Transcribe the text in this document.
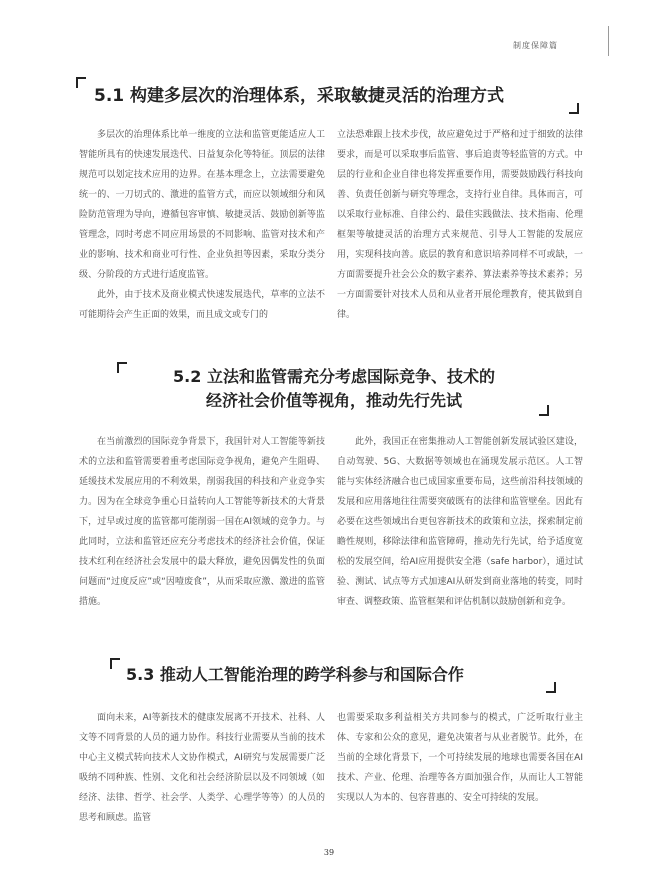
制度保障篇
5.1 构建多层次的治理体系，采取敏捷灵活的治理方式

多层次的治理体系比单一维度的立法和监管更能适应人工智能所具有的快速发展迭代、日益复杂化等特征。顶层的法律规范可以划定技术应用的边界。在基本理念上，立法需要避免统一的、一刀切式的、激进的监管方式，而应以领域细分和风险防范管理为导向，遵循包容审慎、敏捷灵活、鼓励创新等监管理念，同时考虑不同应用场景的不同影响、监管对技术和产业的影响、技术和商业可行性、企业负担等因素，采取分类分级、分阶段的方式进行适度监管。

此外，由于技术及商业模式快速发展迭代，草率的立法不可能期待会产生正面的效果，而且成文或专门的

立法恐难跟上技术步伐，故应避免过于严格和过于细致的法律要求，而是可以采取事后监管、事后追责等轻监管的方式。中层的行业和企业自律也将发挥重要作用，需要鼓励践行科技向善、负责任创新与研究等理念，支持行业自律。具体而言，可以采取行业标准、自律公约、最佳实践做法、技术指南、伦理框架等敏捷灵活的治理方式来规范、引导人工智能的发展应用，实现科技向善。底层的教育和意识培养同样不可或缺，一方面需要提升社会公众的数字素养、算法素养等技术素养；另一方面需要针对技术人员和从业者开展伦理教育，使其做到自律。

5.2 立法和监管需充分考虑国际竞争、技术的
经济社会价值等视角，推动先行先试

在当前激烈的国际竞争背景下，我国针对人工智能等新技术的立法和监管需要着重考虑国际竞争视角，避免产生阻碍、延缓技术发展应用的不利效果，削弱我国的科技和产业竞争实力。因为在全球竞争重心日益转向人工智能等新技术的大背景下，过早或过度的监管都可能削弱一国在AI领域的竞争力。与此同时，立法和监管还应充分考虑技术的经济社会价值，保证技术红利在经济社会发展中的最大释放，避免因偶发性的负面问题而“过度反应”或“因噎废食”，从而采取应激、激进的监管措施。

此外，我国正在密集推动人工智能创新发展试验区建设，自动驾驶、5G、大数据等领域也在涌现发展示范区。人工智能与实体经济融合也已成国家重要布局，这些前沿科技领域的发展和应用落地往往需要突破既有的法律和监管壁垒。因此有必要在这些领域出台更包容新技术的政策和立法，探索制定前瞻性规则，移除法律和监管障碍，推动先行先试，给予适度宽松的发展空间，给AI应用提供安全港（safe harbor），通过试验、测试、试点等方式加速AI从研发到商业落地的转变，同时审查、调整政策、监管框架和评估机制以鼓励创新和竞争。

5.3 推动人工智能治理的跨学科参与和国际合作

面向未来，AI等新技术的健康发展离不开技术、社科、人文等不同背景的人员的通力协作。科技行业需要从当前的技术中心主义模式转向技术人文协作模式，AI研究与发展需要广泛吸纳不同种族、性别、文化和社会经济阶层以及不同领域（如经济、法律、哲学、社会学、人类学、心理学等等）的人员的思考和顾虑。监管

也需要采取多利益相关方共同参与的模式，广泛听取行业主体、专家和公众的意见，避免决策者与从业者脱节。此外，在当前的全球化背景下，一个可持续发展的地球也需要各国在AI技术、产业、伦理、治理等各方面加强合作，从而让人工智能实现以人为本的、包容普惠的、安全可持续的发展。

39
